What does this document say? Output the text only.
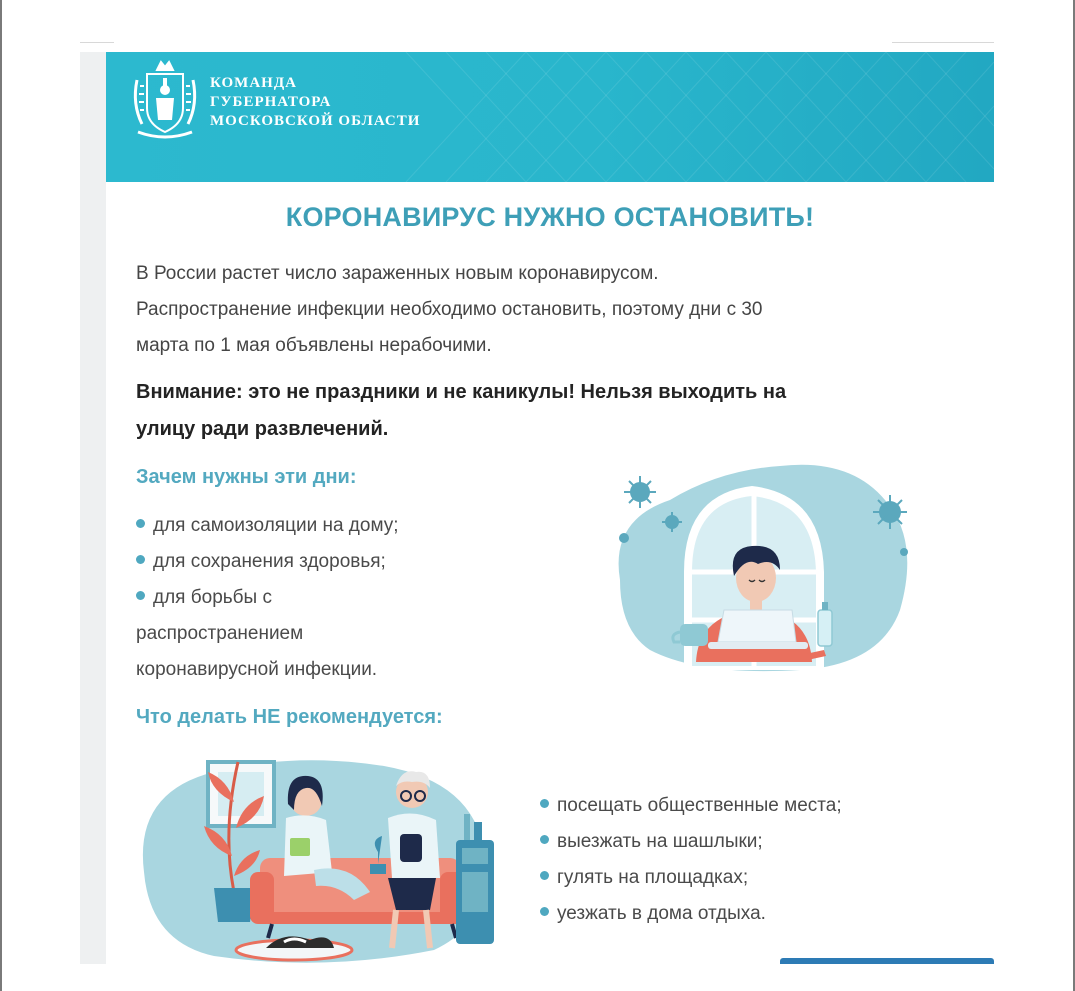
КОМАНДА
ГУБЕРНАТОРА
МОСКОВСКОЙ ОБЛАСТИ
КОРОНАВИРУС НУЖНО ОСТАНОВИТЬ!
В России растет число зараженных новым коронавирусом.
Распространение инфекции необходимо остановить, поэтому дни с 30
марта по 1 мая объявлены нерабочими.
Внимание: это не праздники и не каникулы! Нельзя выходить на
улицу ради развлечений.
Зачем нужны эти дни:
для самоизоляции на дому;
для сохранения здоровья;
для борьбы с
распространением
коронавирусной инфекции.
Что делать НЕ рекомендуется:
посещать общественные места;
выезжать на шашлыки;
гулять на площадках;
уезжать в дома отдыха.
